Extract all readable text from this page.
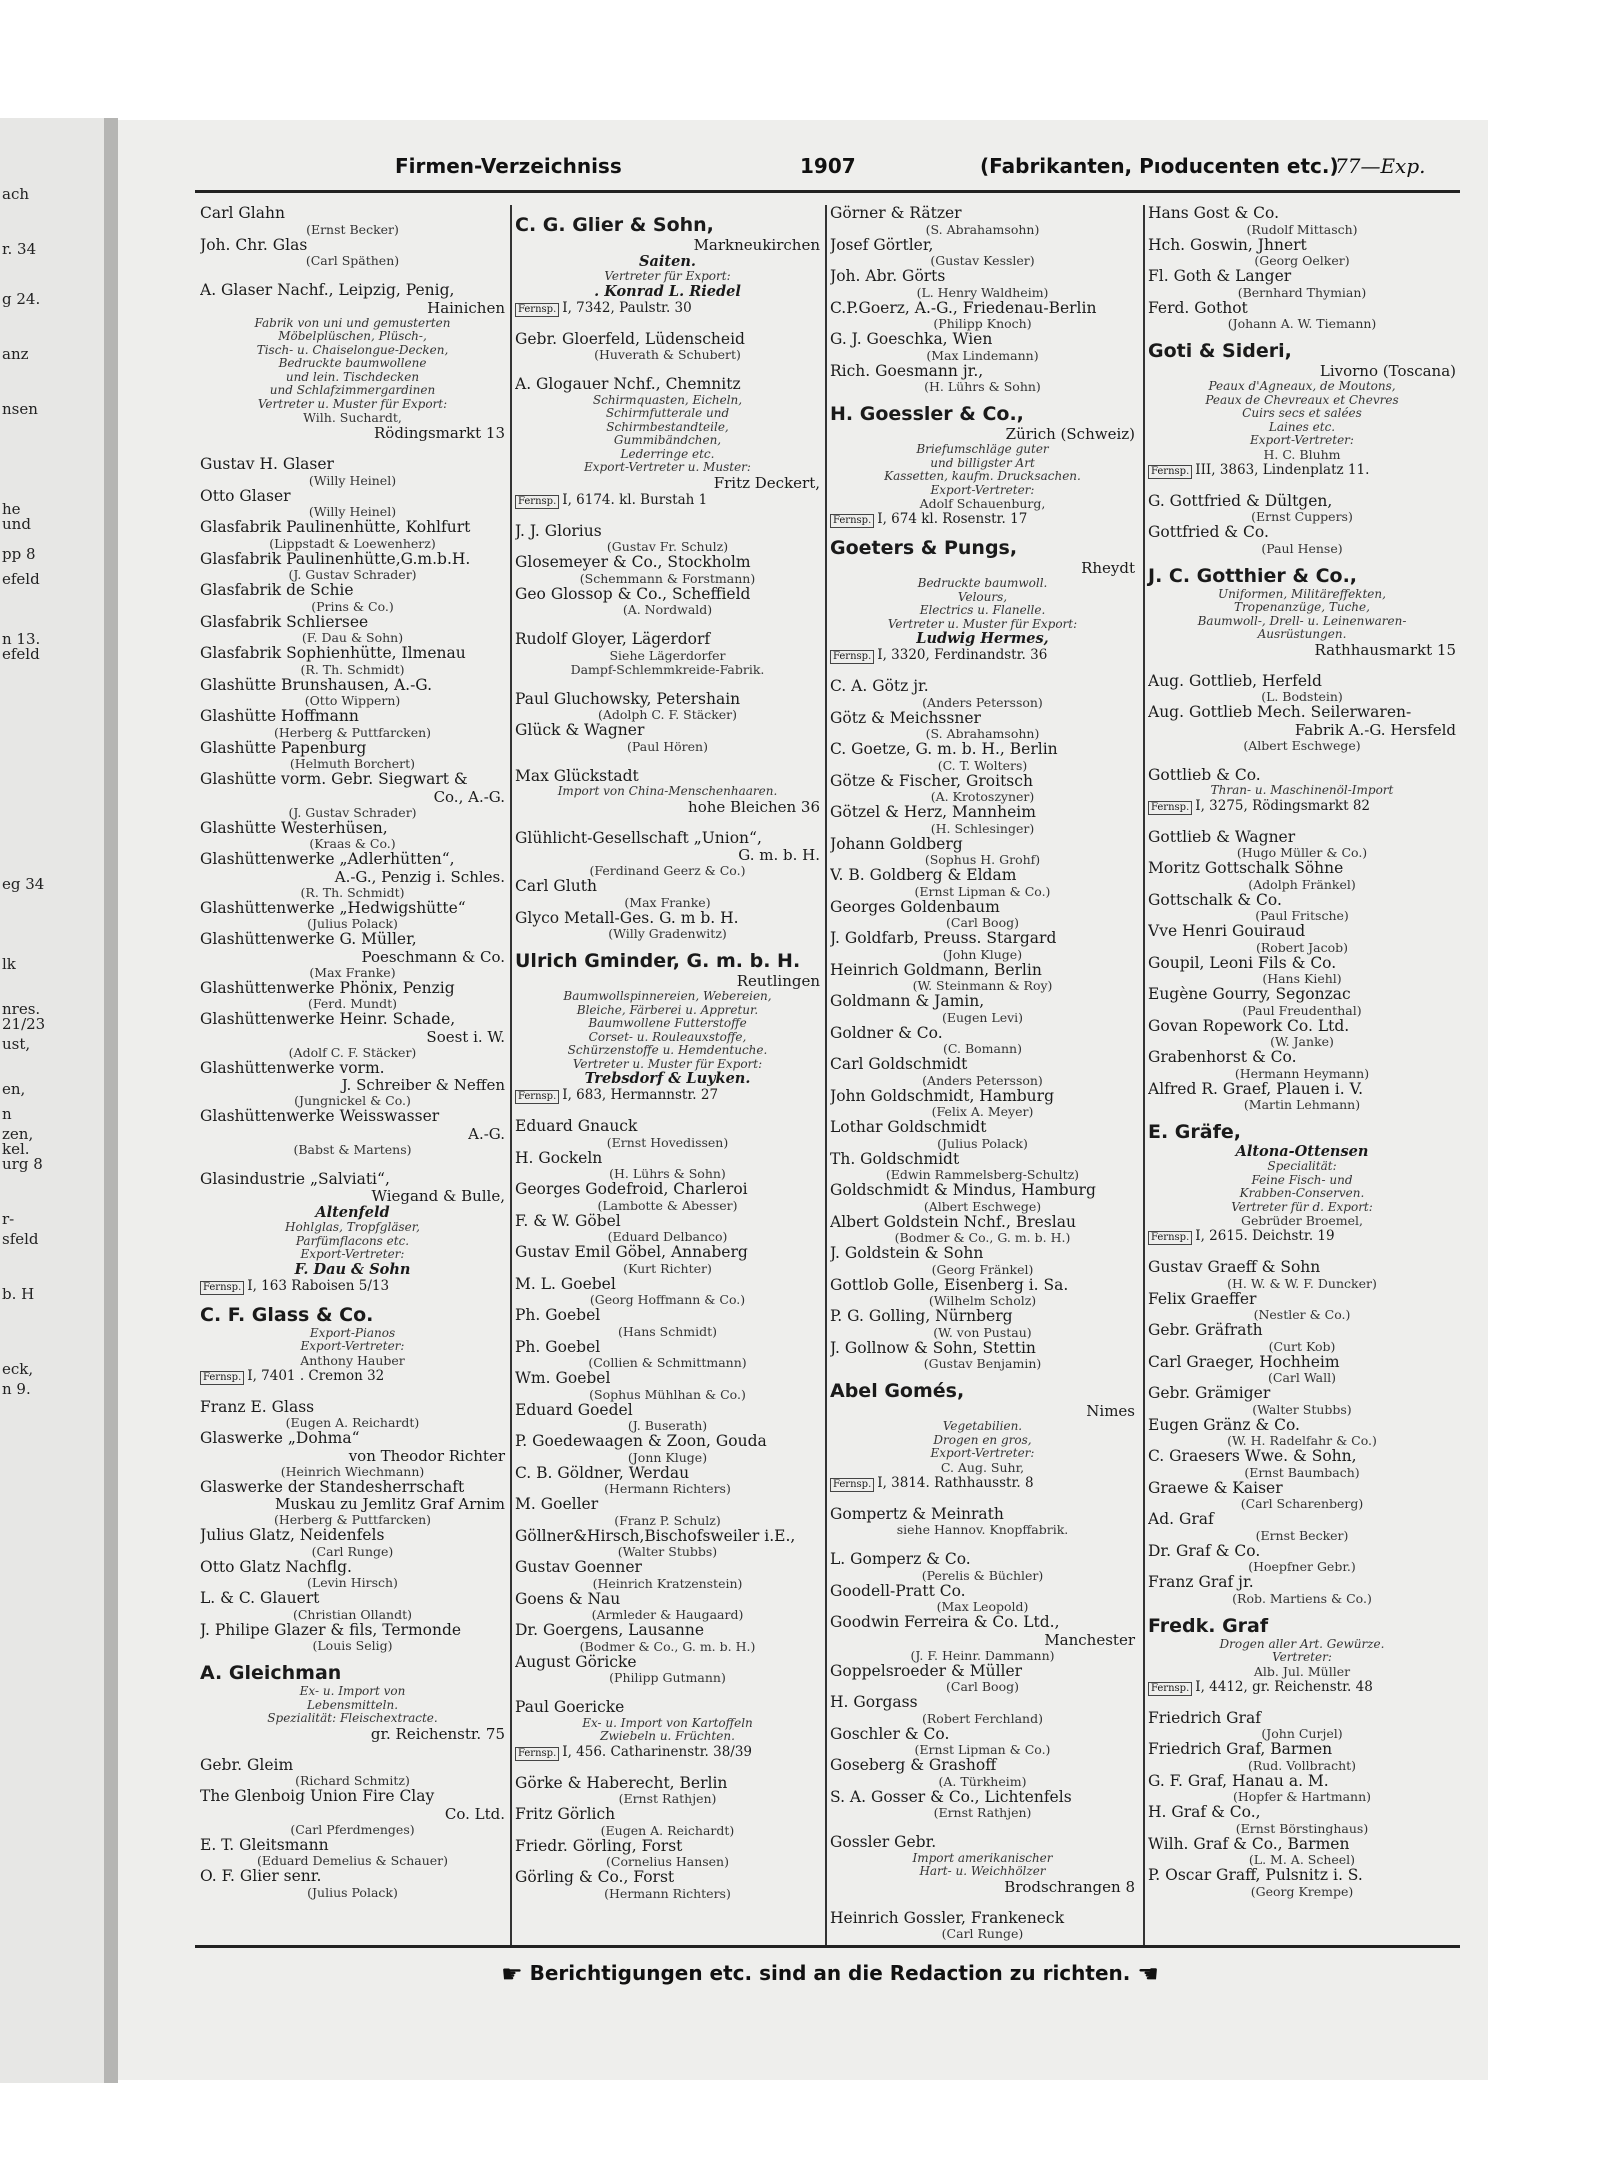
ach
r. 34
g 24.
anz
nsen
he
und
pp 8
efeld
n 13.
efeld
eg 34
lk
nres.
21/23
ust,
en,
n
zen,
kel.
urg 8
r-
sfeld
b. H
eck,
n 9.
Firmen-Verzeichniss	1907	(Fabrikanten, Pıoducenten etc.)
77—Exp.
Carl Glahn
(Ernst Becker)
Joh. Chr. Glas
(Carl Späthen)
A. Glaser Nachf., Leipzig, Penig,
Hainichen
Fabrik von uni und gemusterten
Möbelplüschen, Plüsch-,
Tisch- u. Chaiselongue-Decken,
Bedruckte baumwollene
und lein. Tischdecken
und Schlafzimmergardinen
Vertreter u. Muster für Export:
Wilh. Suchardt,
Rödingsmarkt 13
Gustav H. Glaser
(Willy Heinel)
Otto Glaser
(Willy Heinel)
Glasfabrik Paulinenhütte, Kohlfurt
(Lippstadt & Loewenherz)
Glasfabrik Paulinenhütte,G.m.b.H.
(J. Gustav Schrader)
Glasfabrik de Schie
(Prins & Co.)
Glasfabrik Schliersee
(F. Dau & Sohn)
Glasfabrik Sophienhütte, Ilmenau
(R. Th. Schmidt)
Glashütte Brunshausen, A.-G.
(Otto Wippern)
Glashütte Hoffmann
(Herberg & Puttfarcken)
Glashütte Papenburg
(Helmuth Borchert)
Glashütte vorm. Gebr. Siegwart &
Co., A.-G.
(J. Gustav Schrader)
Glashütte Westerhüsen,
(Kraas & Co.)
Glashüttenwerke „Adlerhütten“,
A.-G., Penzig i. Schles.
(R. Th. Schmidt)
Glashüttenwerke „Hedwigshütte“
(Julius Polack)
Glashüttenwerke G. Müller,
Poeschmann & Co.
(Max Franke)
Glashüttenwerke Phönix, Penzig
(Ferd. Mundt)
Glashüttenwerke Heinr. Schade,
Soest i. W.
(Adolf C. F. Stäcker)
Glashüttenwerke vorm.
J. Schreiber & Neffen
(Jungnickel & Co.)
Glashüttenwerke Weisswasser
A.-G.
(Babst & Martens)
Glasindustrie „Salviati“,
Wiegand & Bulle,
Altenfeld
Hohlglas, Tropfgläser,
Parfümflacons etc.
Export-Vertreter:
F. Dau & Sohn
Fernsp. I, 163 Raboisen 5/13
C. F. Glass & Co.
Export-Pianos
Export-Vertreter:
Anthony Hauber
Fernsp. I, 7401 . Cremon 32
Franz E. Glass
(Eugen A. Reichardt)
Glaswerke „Dohma“
von Theodor Richter
(Heinrich Wiechmann)
Glaswerke der Standesherrschaft
Muskau zu Jemlitz Graf Arnim
(Herberg & Puttfarcken)
Julius Glatz, Neidenfels
(Carl Runge)
Otto Glatz Nachflg.
(Levin Hirsch)
L. & C. Glauert
(Christian Ollandt)
J. Philipe Glazer & fils, Termonde
(Louis Selig)
A. Gleichman
Ex- u. Import von
Lebensmitteln.
Spezialität: Fleischextracte.
gr. Reichenstr. 75
Gebr. Gleim
(Richard Schmitz)
The Glenboig Union Fire Clay
Co. Ltd.
(Carl Pferdmenges)
E. T. Gleitsmann
(Eduard Demelius & Schauer)
O. F. Glier senr.
(Julius Polack)
C. G. Glier & Sohn,
Markneukirchen
Saiten.
Vertreter für Export:
. Konrad L. Riedel
Fernsp. I, 7342, Paulstr. 30
Gebr. Gloerfeld, Lüdenscheid
(Huverath & Schubert)
A. Glogauer Nchf., Chemnitz
Schirmquasten, Eicheln,
Schirmfutterale und
Schirmbestandteile,
Gummibändchen,
Lederringe etc.
Export-Vertreter u. Muster:
Fritz Deckert,
Fernsp. I, 6174. kl. Burstah 1
J. J. Glorius
(Gustav Fr. Schulz)
Glosemeyer & Co., Stockholm
(Schemmann & Forstmann)
Geo Glossop & Co., Scheffield
(A. Nordwald)
Rudolf Gloyer, Lägerdorf
Siehe Lägerdorfer
Dampf-Schlemmkreide-Fabrik.
Paul Gluchowsky, Petershain
(Adolph C. F. Stäcker)
Glück & Wagner
(Paul Hören)
Max Glückstadt
Import von China-Menschenhaaren.
hohe Bleichen 36
Glühlicht-Gesellschaft „Union“,
G. m. b. H.
(Ferdinand Geerz & Co.)
Carl Gluth
(Max Franke)
Glyco Metall-Ges. G. m b. H.
(Willy Gradenwitz)
Ulrich Gminder, G. m. b. H.
Reutlingen
Baumwollspinnereien, Webereien,
Bleiche, Färberei u. Appretur.
Baumwollene Futterstoffe
Corset- u. Rouleauxstoffe,
Schürzenstoffe u. Hemdentuche.
Vertreter u. Muster für Export:
Trebsdorf & Luyken.
Fernsp. I, 683, Hermannstr. 27
Eduard Gnauck
(Ernst Hovedissen)
H. Gockeln
(H. Lührs & Sohn)
Georges Godefroid, Charleroi
(Lambotte & Abesser)
F. & W. Göbel
(Eduard Delbanco)
Gustav Emil Göbel, Annaberg
(Kurt Richter)
M. L. Goebel
(Georg Hoffmann & Co.)
Ph. Goebel
(Hans Schmidt)
Ph. Goebel
(Collien & Schmittmann)
Wm. Goebel
(Sophus Mühlhan & Co.)
Eduard Goedel
(J. Buserath)
P. Goedewaagen & Zoon, Gouda
(Jonn Kluge)
C. B. Göldner, Werdau
(Hermann Richters)
M. Goeller
(Franz P. Schulz)
Göllner&Hirsch,Bischofsweiler i.E.,
(Walter Stubbs)
Gustav Goenner
(Heinrich Kratzenstein)
Goens & Nau
(Armleder & Haugaard)
Dr. Goergens, Lausanne
(Bodmer & Co., G. m. b. H.)
August Göricke
(Philipp Gutmann)
Paul Goericke
Ex- u. Import von Kartoffeln
Zwiebeln u. Früchten.
Fernsp. I, 456. Catharinenstr. 38/39
Görke & Haberecht, Berlin
(Ernst Rathjen)
Fritz Görlich
(Eugen A. Reichardt)
Friedr. Görling, Forst
(Cornelius Hansen)
Görling & Co., Forst
(Hermann Richters)
Görner & Rätzer
(S. Abrahamsohn)
Josef Görtler,
(Gustav Kessler)
Joh. Abr. Görts
(L. Henry Waldheim)
C.P.Goerz, A.-G., Friedenau-Berlin
(Philipp Knoch)
G. J. Goeschka, Wien
(Max Lindemann)
Rich. Goesmann jr.,
(H. Lührs & Sohn)
H. Goessler & Co.,
Zürich (Schweiz)
Briefumschläge guter
und billigster Art
Kassetten, kaufm. Drucksachen.
Export-Vertreter:
Adolf Schauenburg,
Fernsp. I, 674 kl. Rosenstr. 17
Goeters & Pungs,
Rheydt
Bedruckte baumwoll.
Velours,
Electrics u. Flanelle.
Vertreter u. Muster für Export:
Ludwig Hermes,
Fernsp. I, 3320, Ferdinandstr. 36
C. A. Götz jr.
(Anders Petersson)
Götz & Meichssner
(S. Abrahamsohn)
C. Goetze, G. m. b. H., Berlin
(C. T. Wolters)
Götze & Fischer, Groitsch
(A. Krotoszyner)
Götzel & Herz, Mannheim
(H. Schlesinger)
Johann Goldberg
(Sophus H. Grohf)
V. B. Goldberg & Eldam
(Ernst Lipman & Co.)
Georges Goldenbaum
(Carl Boog)
J. Goldfarb, Preuss. Stargard
(John Kluge)
Heinrich Goldmann, Berlin
(W. Steinmann & Roy)
Goldmann & Jamin,
(Eugen Levi)
Goldner & Co.
(C. Bomann)
Carl Goldschmidt
(Anders Petersson)
John Goldschmidt, Hamburg
(Felix A. Meyer)
Lothar Goldschmidt
(Julius Polack)
Th. Goldschmidt
(Edwin Rammelsberg-Schultz)
Goldschmidt & Mindus, Hamburg
(Albert Eschwege)
Albert Goldstein Nchf., Breslau
(Bodmer & Co., G. m. b. H.)
J. Goldstein & Sohn
(Georg Fränkel)
Gottlob Golle, Eisenberg i. Sa.
(Wilhelm Scholz)
P. G. Golling, Nürnberg
(W. von Pustau)
J. Gollnow & Sohn, Stettin
(Gustav Benjamin)
Abel Gomés,
Nimes
Vegetabilien.
Drogen en gros,
Export-Vertreter:
C. Aug. Suhr,
Fernsp. I, 3814. Rathhausstr. 8
Gompertz & Meinrath
siehe Hannov. Knopffabrik.
L. Gomperz & Co.
(Perelis & Büchler)
Goodell-Pratt Co.
(Max Leopold)
Goodwin Ferreira & Co. Ltd.,
Manchester
(J. F. Heinr. Dammann)
Goppelsroeder & Müller
(Carl Boog)
H. Gorgass
(Robert Ferchland)
Goschler & Co.
(Ernst Lipman & Co.)
Goseberg & Grashoff
(A. Türkheim)
S. A. Gosser & Co., Lichtenfels
(Ernst Rathjen)
Gossler Gebr.
Import amerikanischer
Hart- u. Weichhölzer
Brodschrangen 8
Heinrich Gossler, Frankeneck
(Carl Runge)
Hans Gost & Co.
(Rudolf Mittasch)
Hch. Goswin, Jhnert
(Georg Oelker)
Fl. Goth & Langer
(Bernhard Thymian)
Ferd. Gothot
(Johann A. W. Tiemann)
Goti & Sideri,
Livorno (Toscana)
Peaux d'Agneaux, de Moutons,
Peaux de Chevreaux et Chevres
Cuirs secs et salées
Laines etc.
Export-Vertreter:
H. C. Bluhm
Fernsp. III, 3863, Lindenplatz 11.
G. Gottfried & Dültgen,
(Ernst Cuppers)
Gottfried & Co.
(Paul Hense)
J. C. Gotthier & Co.,
Uniformen, Militäreffekten,
Tropenanzüge, Tuche,
Baumwoll-, Drell- u. Leinenwaren-
Ausrüstungen.
Rathhausmarkt 15
Aug. Gottlieb, Herfeld
(L. Bodstein)
Aug. Gottlieb Mech. Seilerwaren-
Fabrik A.-G. Hersfeld
(Albert Eschwege)
Gottlieb & Co.
Thran- u. Maschinenöl-Import
Fernsp. I, 3275, Rödingsmarkt 82
Gottlieb & Wagner
(Hugo Müller & Co.)
Moritz Gottschalk Söhne
(Adolph Fränkel)
Gottschalk & Co.
(Paul Fritsche)
Vve Henri Gouiraud
(Robert Jacob)
Goupil, Leoni Fils & Co.
(Hans Kiehl)
Eugène Gourry, Segonzac
(Paul Freudenthal)
Govan Ropework Co. Ltd.
(W. Janke)
Grabenhorst & Co.
(Hermann Heymann)
Alfred R. Graef, Plauen i. V.
(Martin Lehmann)
E. Gräfe,
Altona-Ottensen
Specialität:
Feine Fisch- und
Krabben-Conserven.
Vertreter für d. Export:
Gebrüder Broemel,
Fernsp. I, 2615. Deichstr. 19
Gustav Graeff & Sohn
(H. W. & W. F. Duncker)
Felix Graeffer
(Nestler & Co.)
Gebr. Gräfrath
(Curt Kob)
Carl Graeger, Hochheim
(Carl Wall)
Gebr. Grämiger
(Walter Stubbs)
Eugen Gränz & Co.
(W. H. Radelfahr & Co.)
C. Graesers Wwe. & Sohn,
(Ernst Baumbach)
Graewe & Kaiser
(Carl Scharenberg)
Ad. Graf
(Ernst Becker)
Dr. Graf & Co.
(Hoepfner Gebr.)
Franz Graf jr.
(Rob. Martiens & Co.)
Fredk. Graf
Drogen aller Art. Gewürze.
Vertreter:
Alb. Jul. Müller
Fernsp. I, 4412, gr. Reichenstr. 48
Friedrich Graf
(John Curjel)
Friedrich Graf, Barmen
(Rud. Vollbracht)
G. F. Graf, Hanau a. M.
(Hopfer & Hartmann)
H. Graf & Co.,
(Ernst Börstinghaus)
Wilh. Graf & Co., Barmen
(L. M. A. Scheel)
P. Oscar Graff, Pulsnitz i. S.
(Georg Krempe)
☛ Berichtigungen etc. sind an die Redaction zu richten. ☚
